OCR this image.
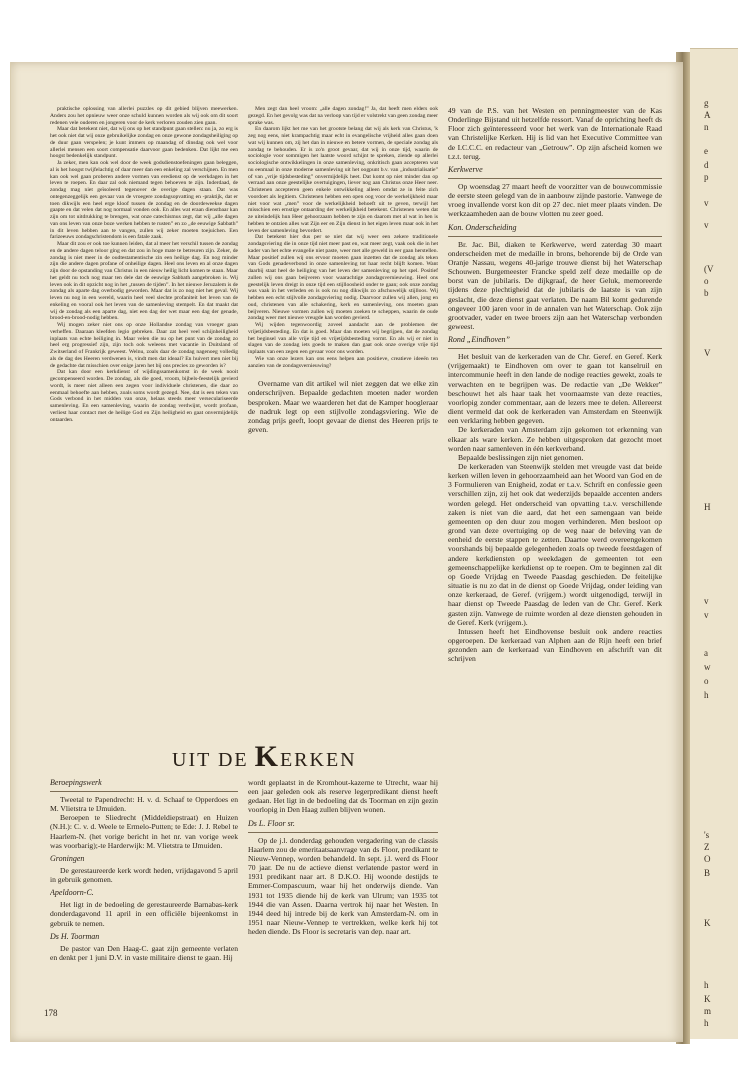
g
A
n
e
d
p
v
v
(V
o
b
V
H
v
v
a
w
o
h
's
Z
O
B
K
h
K
m
h

praktische oplossing van allerlei puzzles op dit gebied blijven meewerken. Anders zou het opnieuw weer onze schuld kunnen worden als wij ook om dit soort redenen vele ouderen en jongeren voor de kerk verloren zouden zien gaan.

Maar dat betekent niet, dat wij ons op het standpunt gaan stellen: nu ja, zo erg is het ook niet dat wij onze gebruikelijke zondag en onze gewone zondagsheiliging op de duur gaan verspelen; je kunt immers op maandag of dinsdag ook wel voor allerlei mensen een soort compensatie daarvoor gaan bedenken. Dat lijkt me een hoogst bedenkelijk standpunt.

Ja zeker, men kan ook wel door de week godsdienstoefeningen gaan beleggen, al is het hoogst twijfelachtig of daar meer dan een enkeling zal verschijnen. En men kan ook wel gaan proberen andere vormen van eredienst op de werkdagen in het leven te roepen. En daar zal ook niemand tegen behoeven te zijn. Inderdaad, de zondag mag niet geïsoleerd tegenover de overige dagen staan. Dat was ontegenzeggelijk een gevaar van de vroegere zondagsopvatting en -praktijk, dat er toen dikwijls een heel erge kloof tussen de zondag en de doordeweekse dagen gaapte en dat velen dat nog normaal vonden ook. En alles wat eraan dienstbaar kan zijn om tot uitdrukking te brengen, wat onze catechismus zegt, dat wij „alle dagen van ons leven van onze boze werken hebben te rusten” en zo „de eeuwige Sabbath” in dit leven hebben aan te vangen, zullen wij zeker moeten toejuichen. Een farizeeuws zondagschristendom is een fatale zaak.

Maar dit zou er ook toe kunnen leiden, dat al meer het verschil tussen de zondag en de andere dagen teloor ging en dat zou in hoge mate te betreuren zijn. Zeker, de zondag is niet meer in de oudtestamentische zin een heilige dag. En nog minder zijn die andere dagen profane of onheilige dagen. Heel ons leven en al onze dagen zijn door de opstanding van Christus in een nieuw heilig licht komen te staan. Maar het geldt nu toch nog maar ten dele dat de eeuwige Sabbath aangebroken is. Wij leven ook in dit opzicht nog in het „tussen de tijden”. In het nieuwe Jeruzalem is de zondag als aparte dag overbodig geworden. Maar dat is zo nog niet het geval. Wij leven nu nog in een wereld, waarin heel veel slechte profaniteit het leven van de enkeling en vooral ook het leven van de samenleving stempelt. En dat maakt dat wij de zondag als een aparte dag, niet een dag der wet maar een dag der genade, brood-en-brood-nodig hebben.

Wij mogen zeker niet ons op onze Hollandse zondag van vroeger gaan verheffen. Daaraan kleefden legio gebreken. Daar zat heel veel schijnheiligheid inplaats van echte heiliging in. Maar velen die nu op het punt van de zondag zo heel erg progressief zijn, zijn toch ook weleens met vacantie in Duitsland of Zwitserland of Frankrijk geweest. Welnu, zoals daar de zondag nagenoeg volledig als de dag des Heeren verdwenen is, vindt men dat ideaal? En huivert men niet bij de gedachte dat misschien over enige jaren het bij ons precies zo geworden is?

Dat kan door een kerkdienst of wijdingssamenkomst in de week nooit gecompenseerd worden. De zondag, als die goed, vroom, bijbels-feestelijk gevierd wordt, is meer niet alleen een zegen voor individuele christenen, die daar zo eenmaal behoefte aan hebben, zoals soms wordt gezegd. Nee, dat is een teken van Gods verbond in het midden van onze, helaas steeds meer verseculariseerde samenleving. En een samenleving, waarin de zondag verdwijnt, wordt profaan, verliest haar contact met de heilige God en Zijn heiligheid en gaat onvermijdelijk ontaarden.

Men zegt dan heel vroom: „alle dagen zondag!” Ja, dat heeft men elders ook gezegd. En het gevolg was dat na verloop van tijd er volstrekt van geen zondag meer sprake was.

En daarom lijkt het me van het grootste belang dat wij als kerk van Christus, 'k zeg nog eens, niet krampachtig maar echt in evangelische vrijheid alles gaan doen wat wij kunnen om, zij het dan in nieuwe en betere vormen, de speciale zondag als zondag te behouden. Er is zo'n groot gevaar, dat wij in onze tijd, waarin de sociologie voor sommigen het laatste woord schijnt te spreken, ziende op allerlei sociologische ontwikkelingen in onze samenleving, onkritisch gaan accepteren wat nu eenmaal in onze moderne samenleving uit het oogpunt b.v. van „industrialisatie” of van „vrije tijdsbesteding” onvermijdelijk heet. Dat komt op niet minder dan op verraad aan onze geestelijke overtuigingen, liever nog aan Christus onze Heer neer. Christenen accepteren geen enkele ontwikkeling alleen omdat ze in feite zich voordoet als legitiem. Christenen hebben een open oog voor de werkelijkheid maar niet voor wat „men” voor de werkelijkheid behoeft uit te geven, terwijl het misschien een ernstige ontaarding der werkelijkheid betekent. Christenen weten dat ze uiteindelijk hun Heer gehoorzaam hebben te zijn en daarom met al wat in hen is hebben te ontzien alles wat Zijn eer en Zijn dienst in het eigen leven maar ook in het leven der samenleving bevordert.

Dat betekent hier dus per se niet dat wij weer een zekere traditionele zondagsviering die in onze tijd niet meer past en, wat meer zegt, vaak ook die in het kader van het echte evangelie niet paste, weer met alle geweld in eer gaan herstellen. Maar positief zullen wij ons ervoor moeten gaan inzetten dat de zondag als teken van Gods genadeverbond in onze samenleving tot haar recht blijft komen. Want daarbij staat heel de heiliging van het leven der samenleving op het spel. Positief zullen wij ons gaan beijveren voor waarachtige zondagsvernieuwing. Heel ons geestelijk leven dreigt in onze tijd een stijlloosheid onder te gaan; ook onze zondag was vaak in het verleden en is ook nu nog dikwijls zo afschuwelijk stijlloos. Wij hebben een echt stijlvolle zondagsviering nodig. Daarvoor zullen wij allen, jong en oud, christenen van alle schakering, kerk en samenleving, ons moeten gaan beijveren. Nieuwe vormen zullen wij moeten zoeken te scheppen, waarin de oude zondag weer met nieuwe vreugde kan worden gevierd.

Wij wijden tegenwoordig zoveel aandacht aan de problemen der vrijetijdsbesteding. En dat is goed. Maar dan moeten wij begrijpen, dat de zondag het beginsel van alle vrije tijd en vrijetijdsbesteding vormt. En als wij er niet in slagen van de zondag iets goeds te maken dan gaat ook onze overige vrije tijd inplaats van een zegen een gevaar voor ons worden.

Wie van onze lezers kan ons eens helpen aan positieve, creatieve ideeën ten aanzien van de zondagsvernieuwing?

Overname van dit artikel wil niet zeggen dat we elke zin onderschrijven. Bepaalde gedachten moeten nader worden besproken. Maar we waarderen het dat de Kamper hoogleraar de nadruk legt op een stijlvolle zondagsviering. Wie de zondag prijs geeft, loopt gevaar de dienst des Heeren prijs te geven.

UIT DE KERKEN
Beroepingswerk

Tweetal te Papendrecht: H. v. d. Schaaf te Opperdoes en M. Vlietstra te IJmuiden.

Beroepen te Sliedrecht (Middeldiepstraat) en Huizen (N.H.): C. v. d. Weele te Ermelo-Putten; te Ede: J. J. Rebel te Haarlem-N. (het vorige bericht in het nr. van vorige week was voorbarig);-te Harderwijk: M. Vlietstra te IJmuiden.

Groningen

De gerestaureerde kerk wordt heden, vrijdagavond 5 april in gebruik genomen.

Apeldoorn-C.

Het ligt in de bedoeling de gerestaureerde Barnabas-kerk donderdagavond 11 april in een officiële bijeenkomst in gebruik te nemen.

Ds H. Toorman

De pastor van Den Haag-C. gaat zijn gemeente verlaten en denkt per 1 juni D.V. in vaste militaire dienst te gaan. Hij

wordt geplaatst in de Kromhout-kazerne te Utrecht, waar hij een jaar geleden ook als reserve legerpredikant dienst heeft gedaan. Het ligt in de bedoeling dat ds Toorman en zijn gezin voorlopig in Den Haag zullen blijven wonen.

Ds L. Floor sr.

Op de j.l. donderdag gehouden vergadering van de classis Haarlem zou de emeritaatsaanvrage van ds Floor, predikant te Nieuw-Vennep, worden behandeld. In sept. j.l. werd ds Floor 70 jaar. De nu de actieve dienst verlatende pastor werd in 1931 predikant naar art. 8 D.K.O. Hij woonde destijds te Emmer-Compascuum, waar hij het onderwijs diende. Van 1931 tot 1935 diende hij de kerk van Ulrum; van 1935 tot 1944 die van Assen. Daarna vertrok hij naar het Westen. In 1944 deed hij intrede bij de kerk van Amsterdam-N. om in 1951 naar Nieuw-Vennep te vertrekken, welke kerk hij tot heden diende. Ds Floor is secretaris van dep. naar art.

49 van de P.S. van het Westen en penningmeester van de Kas Onderlinge Bijstand uit hetzelfde ressort. Vanaf de oprichting heeft ds Floor zich geïnteresseerd voor het werk van de Internationale Raad van Christelijke Kerken. Hij is lid van het Executive Committee van de I.C.C.C. en redacteur van „Getrouw”. Op zijn afscheid komen we t.z.t. terug.

Kerkwerve

Op woensdag 27 maart heeft de voorzitter van de bouwcommissie de eerste steen gelegd van de in aanbouw zijnde pastorie. Vanwege de vroeg invallende vorst kon dit op 27 dec. niet meer plaats vinden. De werkzaamheden aan de bouw vlotten nu zeer goed.

Kon. Onderscheiding

Br. Jac. Bil, diaken te Kerkwerve, werd zaterdag 30 maart onderscheiden met de medaille in brons, behorende bij de Orde van Oranje Nassau, wegens 40-jarige trouwe dienst bij het Waterschap Schouwen. Burgemeester Francke speld zelf deze medaille op de borst van de jubilaris. De dijkgraaf, de heer Geluk, memoreerde tijdens deze plechtigheid dat de jubilaris de laatste is van zijn geslacht, die deze dienst gaat verlaten. De naam Bil komt gedurende ongeveer 100 jaren voor in de annalen van het Waterschap. Ook zijn grootvader, vader en twee broers zijn aan het Waterschap verbonden geweest.

Rond „Eindhoven”

Het besluit van de kerkeraden van de Chr. Geref. en Geref. Kerk (vrijgemaakt) te Eindhoven om over te gaan tot kanselruil en intercommunie heeft in den lande de nodige reacties gewekt, zoals te verwachten en te begrijpen was. De redactie van „De Wekker” beschouwt het als haar taak het voornaamste van deze reacties, voorlopig zonder commentaar, aan de lezers mee te delen. Allereerst dient vermeld dat ook de kerkeraden van Amsterdam en Steenwijk een verklaring hebben gegeven.

De kerkeraden van Amsterdam zijn gekomen tot erkenning van elkaar als ware kerken. Ze hebben uitgesproken dat gezocht moet worden naar samenleven in één kerkverband.

Bepaalde beslissingen zijn niet genomen.

De kerkeraden van Steenwijk stelden met vreugde vast dat beide kerken willen leven in gehoorzaamheid aan het Woord van God en de 3 Formulieren van Enigheid, zodat er t.a.v. Schrift en confessie geen verschillen zijn, zij het ook dat wederzijds bepaalde accenten anders worden gelegd. Het onderscheid van opvatting t.a.v. verschillende zaken is niet van die aard, dat het een samengaan van beide gemeenten op den duur zou mogen verhinderen. Men besloot op grond van deze overtuiging op de weg naar de beleving van de eenheid de eerste stappen te zetten. Daartoe werd overeengekomen voorshands bij bepaalde gelegenheden zoals op tweede feestdagen of andere kerkdiensten op weekdagen de gemeenten tot een gemeenschappelijke kerkdienst op te roepen. Om te beginnen zal dit op Goede Vrijdag en Tweede Paasdag geschieden. De feitelijke situatie is nu zo dat in de dienst op Goede Vrijdag, onder leiding van onze kerkeraad, de Geref. (vrijgem.) wordt uitgenodigd, terwijl in haar dienst op Tweede Paasdag de leden van de Chr. Geref. Kerk gasten zijn. Vanwege de ruimte worden al deze diensten gehouden in de Geref. Kerk (vrijgem.).

Intussen heeft het Eindhovense besluit ook andere reacties opgeroepen. De kerkeraad van Alphen aan de Rijn heeft een brief gezonden aan de kerkeraad van Eindhoven en afschrift van dit schrijven

178
